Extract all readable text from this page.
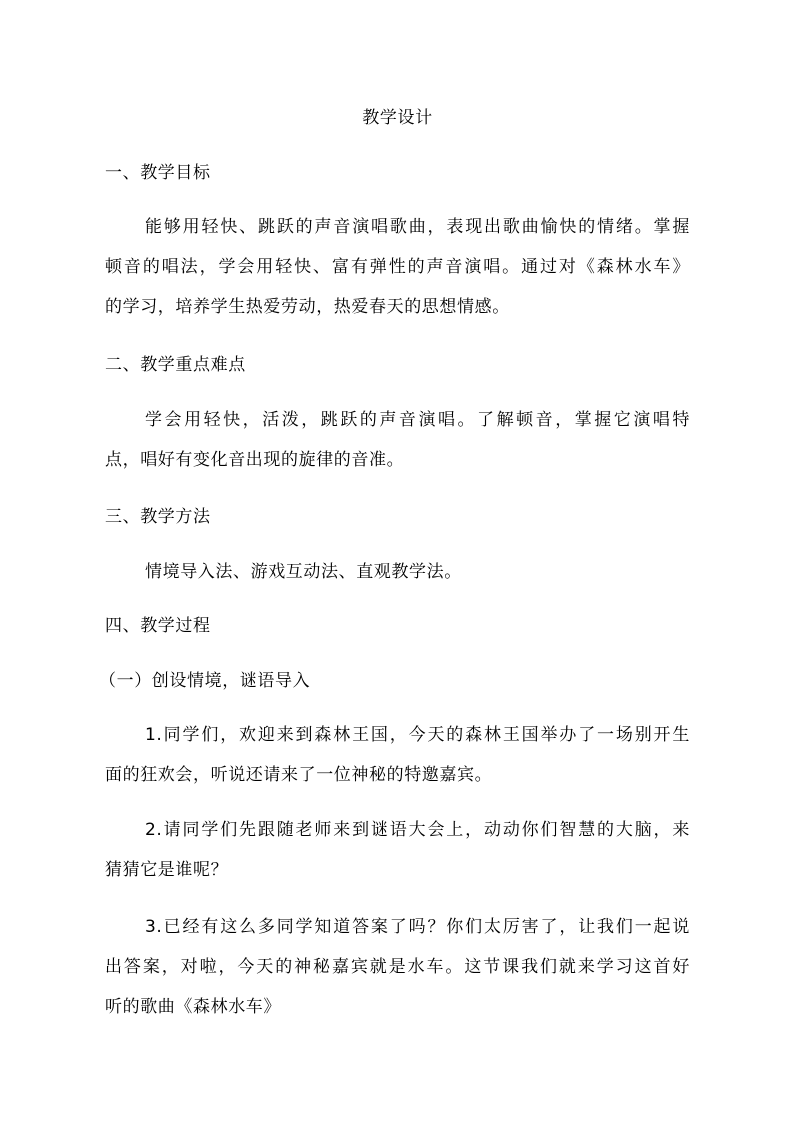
教学设计
一、教学目标
能够用轻快、跳跃的声音演唱歌曲，表现出歌曲愉快的情绪。掌握
顿音的唱法，学会用轻快、富有弹性的声音演唱。通过对《森林水车》
的学习，培养学生热爱劳动，热爱春天的思想情感。
二、教学重点难点
学会用轻快，活泼，跳跃的声音演唱。了解顿音，掌握它演唱特
点，唱好有变化音出现的旋律的音准。
三、教学方法
情境导入法、游戏互动法、直观教学法。
四、教学过程
（一）创设情境，谜语导入
1.同学们，欢迎来到森林王国，今天的森林王国举办了一场别开生
面的狂欢会，听说还请来了一位神秘的特邀嘉宾。
2.请同学们先跟随老师来到谜语大会上，动动你们智慧的大脑，来
猜猜它是谁呢？
3.已经有这么多同学知道答案了吗？你们太厉害了，让我们一起说
出答案，对啦，今天的神秘嘉宾就是水车。这节课我们就来学习这首好
听的歌曲《森林水车》
